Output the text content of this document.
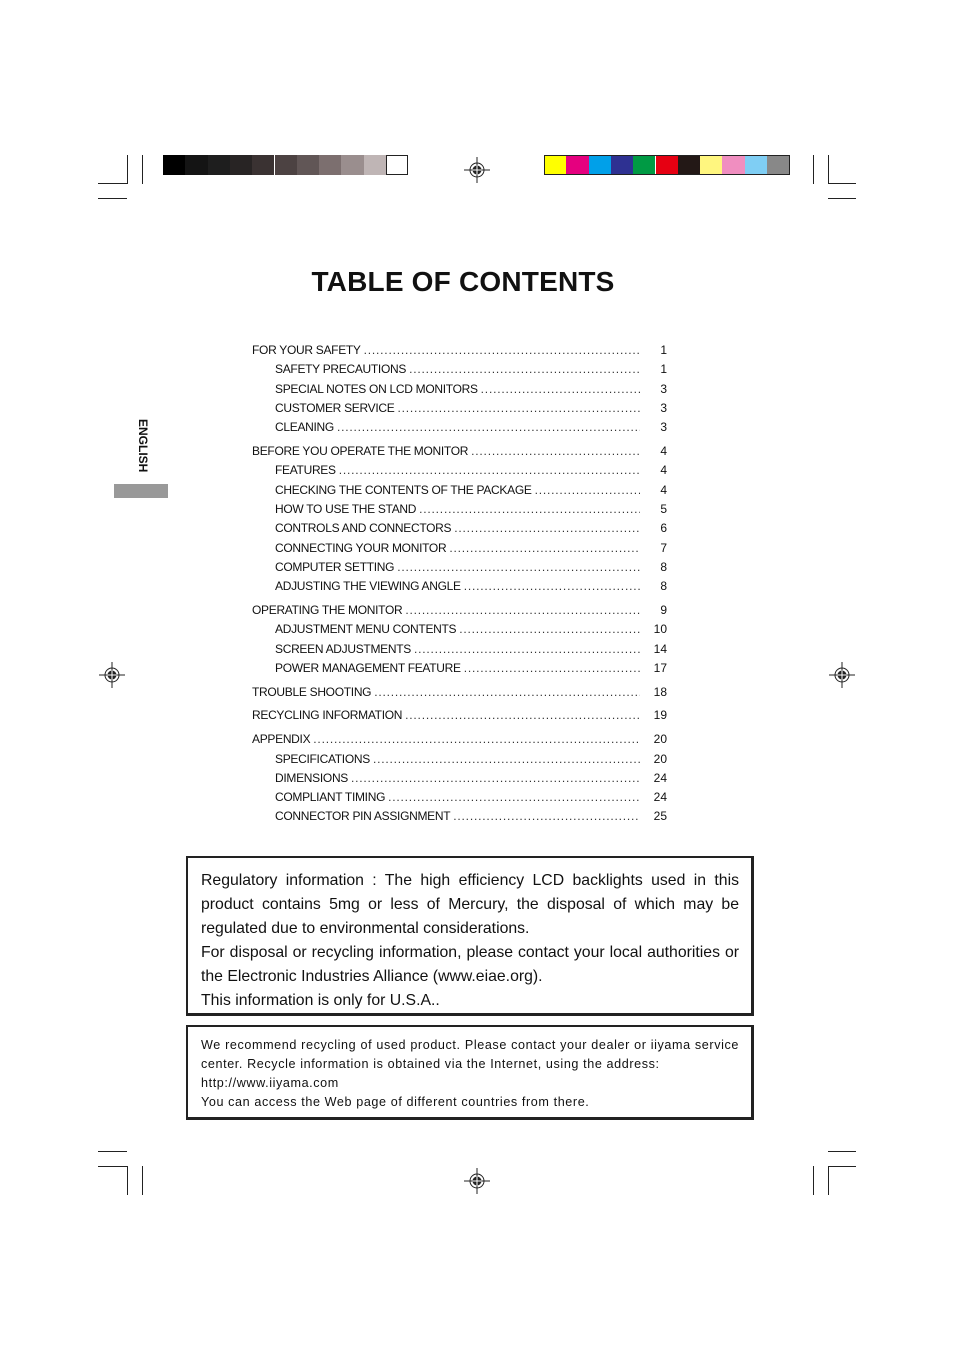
TABLE OF CONTENTS
ENGLISH
FOR YOUR SAFETY .....	1
SAFETY PRECAUTIONS .....	1
SPECIAL NOTES ON LCD MONITORS .....	3
CUSTOMER SERVICE .....	3
CLEANING .....	3
BEFORE YOU OPERATE THE MONITOR .....	4
FEATURES .....	4
CHECKING THE CONTENTS OF THE PACKAGE .....	4
HOW TO USE THE STAND .....	5
CONTROLS AND CONNECTORS .....	6
CONNECTING YOUR MONITOR .....	7
COMPUTER SETTING .....	8
ADJUSTING THE VIEWING ANGLE .....	8
OPERATING THE MONITOR .....	9
ADJUSTMENT MENU CONTENTS .....	10
SCREEN ADJUSTMENTS .....	14
POWER MANAGEMENT FEATURE .....	17
TROUBLE SHOOTING .....	18
RECYCLING INFORMATION .....	19
APPENDIX .....	20
SPECIFICATIONS .....	20
DIMENSIONS .....	24
COMPLIANT TIMING .....	24
CONNECTOR PIN ASSIGNMENT .....	25

Regulatory information : The high efficiency LCD backlights used in this product contains 5mg or less of Mercury, the disposal of which may be regulated due to environmental considerations.

For disposal or recycling information, please contact your local authorities or the Electronic Industries Alliance (www.eiae.org).

This information is only for U.S.A..

We recommend recycling of used product. Please contact your dealer or iiyama service center. Recycle information is obtained via the Internet, using the address:

http://www.iiyama.com

You can access the Web page of different countries from there.
